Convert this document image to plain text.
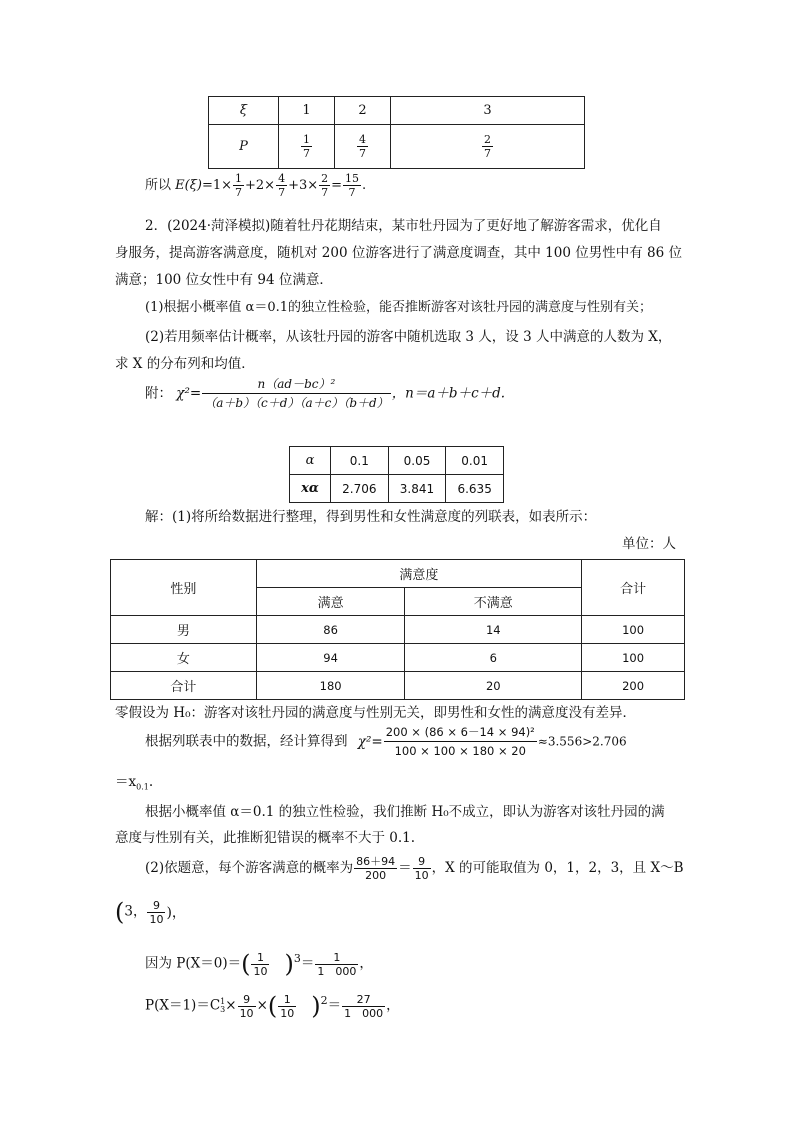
ξ	1	2	3
P	$\frac{1}{7}$	$\frac{4}{7}$	$\frac{2}{7}$
所以 $E(\xi)=1\times \frac{1}{7} +2\times \frac{4}{7} +3\times \frac{2}{7} = \frac{15}{7}$ .
2．(2024·菏泽模拟)随着牡丹花期结束，某市牡丹园为了更好地了解游客需求，优化自
身服务，提高游客满意度，随机对 200 位游客进行了满意度调查，其中 100 位男性中有 86 位
满意；100 位女性中有 94 位满意．
(1)根据小概率值 α＝0.1的独立性检验，能否推断游客对该牡丹园的满意度与性别有关；
(2)若用频率估计概率，从该牡丹园的游客中随机选取 3 人，设 3 人中满意的人数为 X，
求 X 的分布列和均值．
附： $\chi^2= \frac{\text{n（ad－bc）²}}{(a+b)(c+d)(a+c)(b+d)}$ ，n＝a＋b＋c＋d.
α	0.1	0.05	0.01
xα	2.706	3.841	6.635
解：(1)将所给数据进行整理，得到男性和女性满意度的列联表，如表所示：
单位：人
性别	满意度		合计
	满意	不满意	
男	86	14	100
女	94	6	100
合计	180	20	200
零假设为 H₀：游客对该牡丹园的满意度与性别无关，即男性和女性的满意度没有差异．
根据列联表中的数据，经计算得到 $\chi^2= \frac{\text{200 × (86 × 6－14 × 94)²}}{100 \times 100 \times 180 \times 20} \approx 3.556>2.706$
$=x_{0.1}$.
根据小概率值 α＝0.1 的独立性检验，我们推断 H₀不成立，即认为游客对该牡丹园的满
意度与性别有关，此推断犯错误的概率不大于 0.1.
(2)依题意，每个游客满意的概率为 $\frac{86+94}{200} = \frac{9}{10}$ ，X 的可能取值为 0，1，2，3，且 X～B
(3， $\frac{9}{10}$ )，
因为 $P(X=0)=( \frac{1}{10} )^3= \frac{1}{1 000}$ ，
P(X＝1)＝C 1
$3 \times \frac{9}{10}$ ×( $\frac{1}{10} )^2= \frac{27}{1 000}$ ，
